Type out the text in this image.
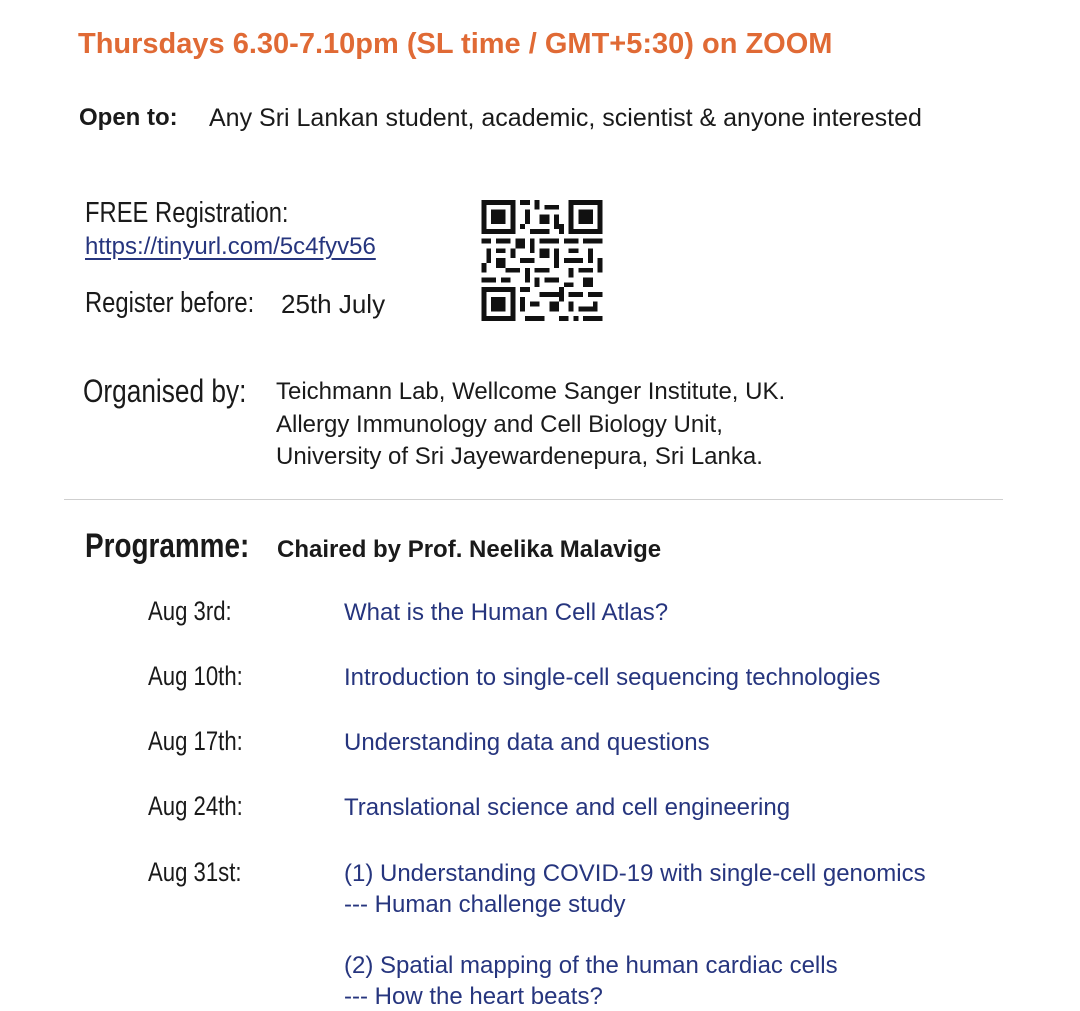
Thursdays 6.30-7.10pm (SL time / GMT+5:30) on ZOOM
Open to: Any Sri Lankan student, academic, scientist & anyone interested
FREE Registration:
https://tinyurl.com/5c4fyv56
Register before: 25th July
Organised by: Teichmann Lab, Wellcome Sanger Institute, UK.
Allergy Immunology and Cell Biology Unit,
University of Sri Jayewardenepura, Sri Lanka.
Programme: Chaired by Prof. Neelika Malavige
Aug 3rd:	What is the Human Cell Atlas?
Aug 10th:	Introduction to single-cell sequencing technologies
Aug 17th:	Understanding data and questions
Aug 24th:	Translational science and cell engineering
Aug 31st:	(1) Understanding COVID-19 with single-cell genomics
--- Human challenge study
(2) Spatial mapping of the human cardiac cells
--- How the heart beats?
